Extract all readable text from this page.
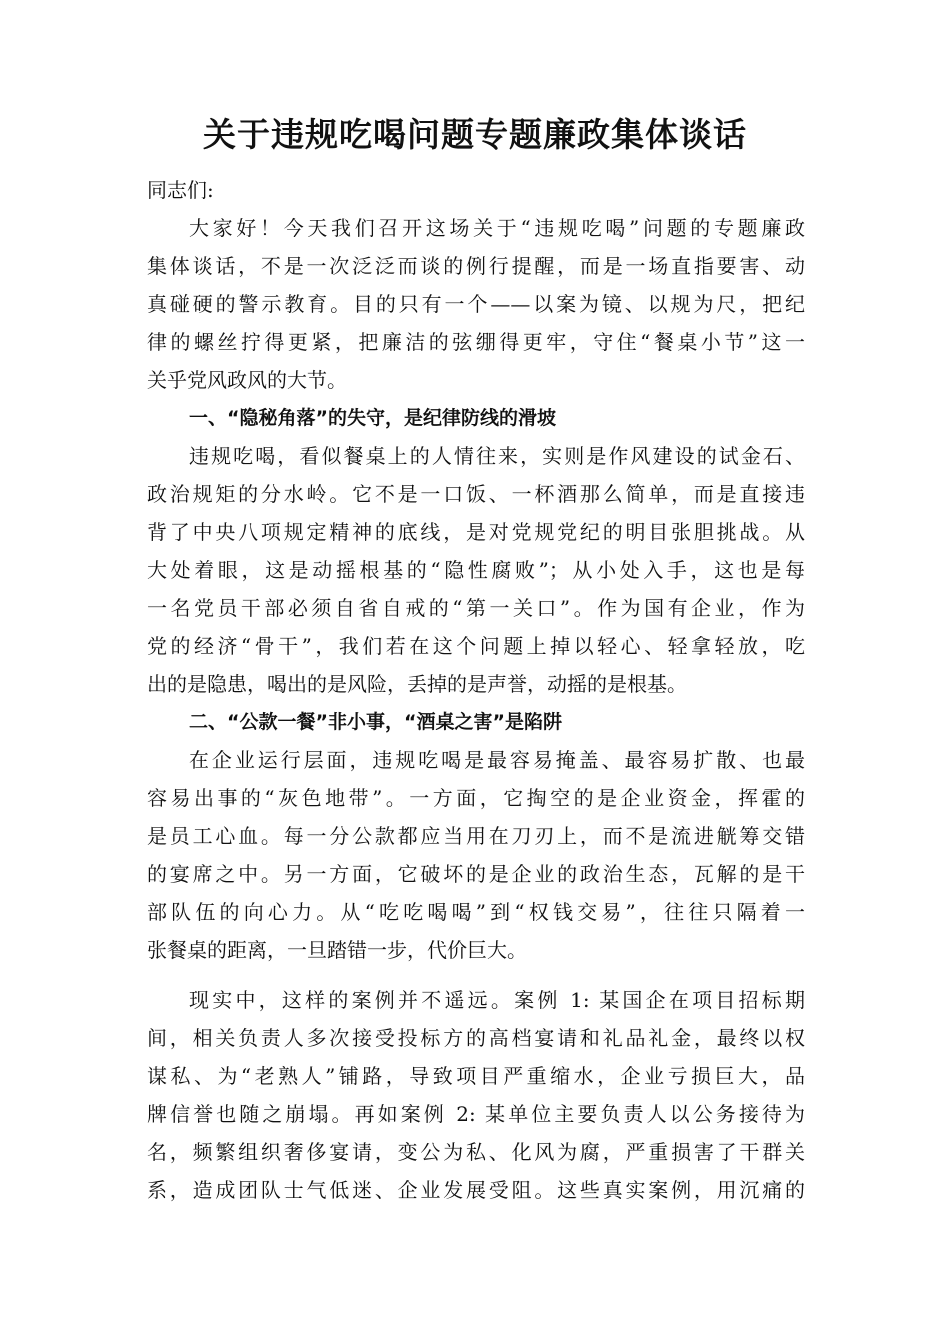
关于违规吃喝问题专题廉政集体谈话
同志们:
大家好！今天我们召开这场关于“违规吃喝”问题的专题廉政
集体谈话，不是一次泛泛而谈的例行提醒，而是一场直指要害、动
真碰硬的警示教育。目的只有一个——以案为镜、以规为尺，把纪
律的螺丝拧得更紧，把廉洁的弦绷得更牢，守住“餐桌小节”这一
关乎党风政风的大节。
一、“隐秘角落”的失守，是纪律防线的滑坡
违规吃喝，看似餐桌上的人情往来，实则是作风建设的试金石、
政治规矩的分水岭。它不是一口饭、一杯酒那么简单，而是直接违
背了中央八项规定精神的底线，是对党规党纪的明目张胆挑战。从
大处着眼，这是动摇根基的“隐性腐败”；从小处入手，这也是每
一名党员干部必须自省自戒的“第一关口”。作为国有企业，作为
党的经济“骨干”，我们若在这个问题上掉以轻心、轻拿轻放，吃
出的是隐患，喝出的是风险，丢掉的是声誉，动摇的是根基。
二、“公款一餐”非小事，“酒桌之害”是陷阱
在企业运行层面，违规吃喝是最容易掩盖、最容易扩散、也最
容易出事的“灰色地带”。一方面，它掏空的是企业资金，挥霍的
是员工心血。每一分公款都应当用在刀刃上，而不是流进觥筹交错
的宴席之中。另一方面，它破坏的是企业的政治生态，瓦解的是干
部队伍的向心力。从“吃吃喝喝”到“权钱交易”，往往只隔着一
张餐桌的距离，一旦踏错一步，代价巨大。
现实中，这样的案例并不遥远。案例 1: 某国企在项目招标期
间，相关负责人多次接受投标方的高档宴请和礼品礼金，最终以权
谋私、为“老熟人”铺路，导致项目严重缩水，企业亏损巨大，品
牌信誉也随之崩塌。再如案例 2: 某单位主要负责人以公务接待为
名，频繁组织奢侈宴请，变公为私、化风为腐，严重损害了干群关
系，造成团队士气低迷、企业发展受阻。这些真实案例，用沉痛的
